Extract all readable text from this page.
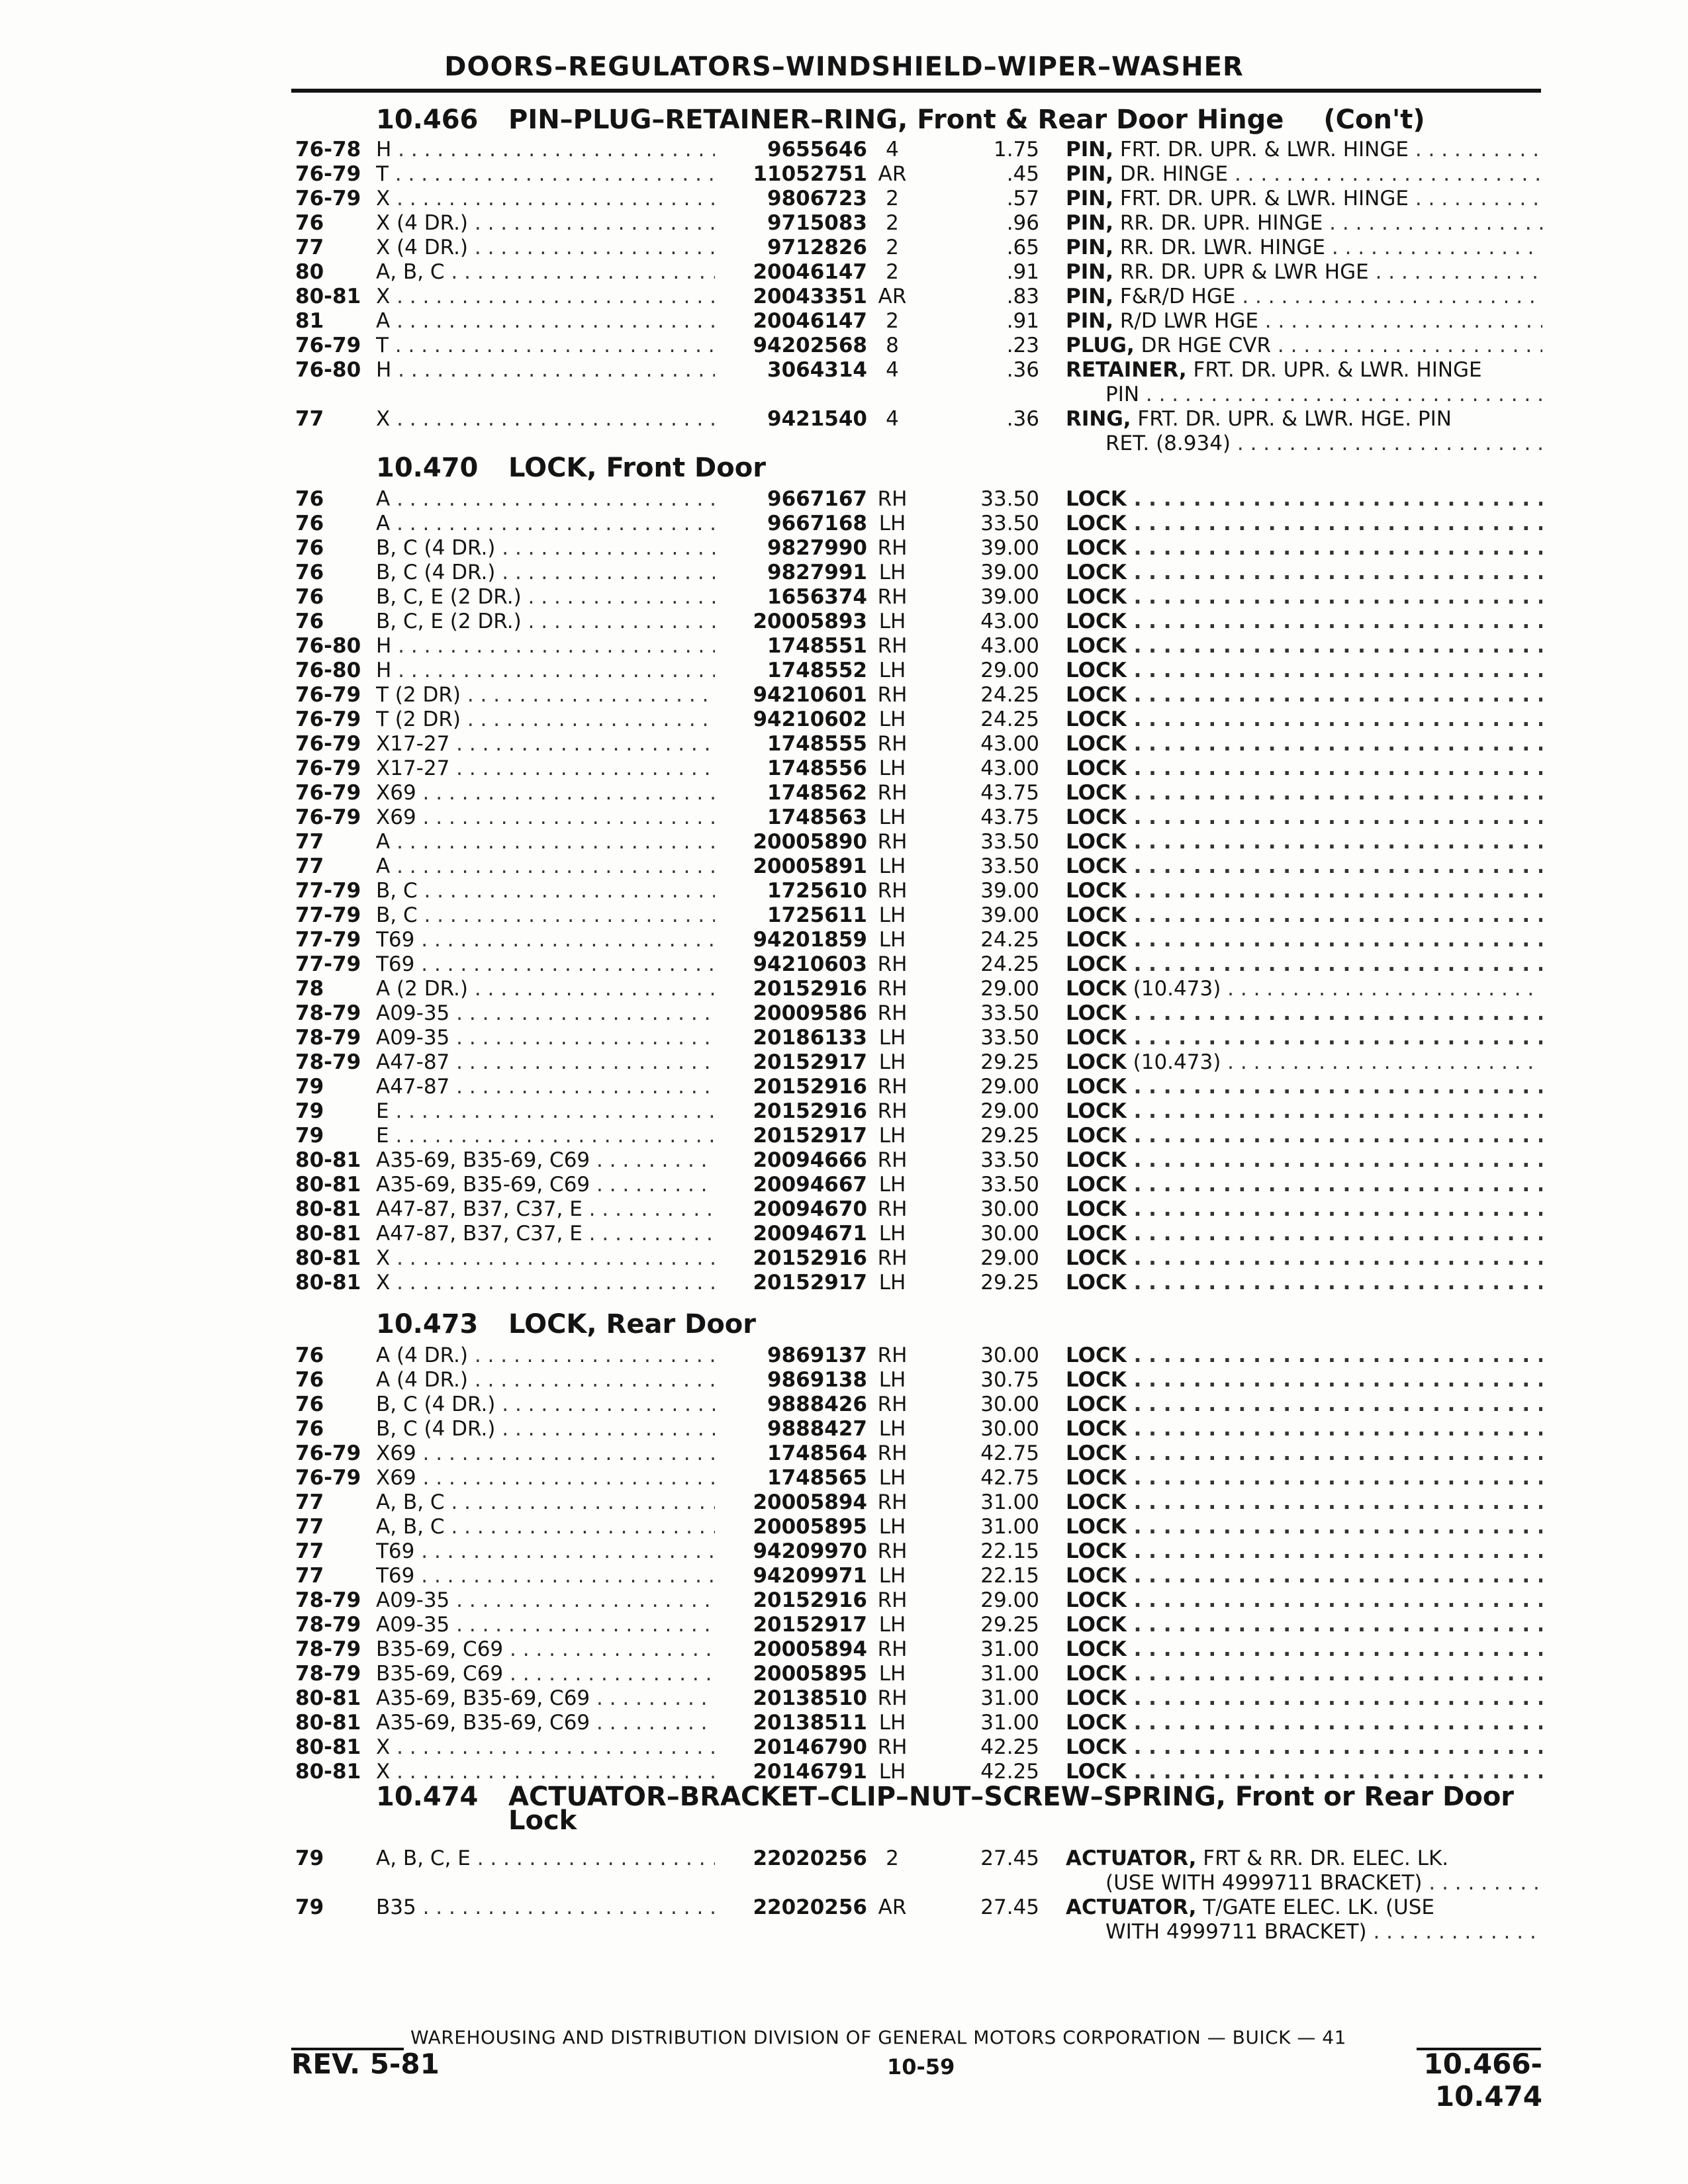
DOORS–REGULATORS–WINDSHIELD–WIPER–WASHER
10.466 PIN–PLUG–RETAINER–RING, Front & Rear Door Hinge (Con't)
76-78 H . . .	9655646 4	1.75 PIN, FRT. DR. UPR. & LWR. HINGE . . .
76-79 T . . .	11052751 AR	.45 PIN, DR. HINGE . . .
76-79 X . . .	9806723 2	.57 PIN, FRT. DR. UPR. & LWR. HINGE . . .
76	X (4 DR.) . . .	9715083 2	.96 PIN, RR. DR. UPR. HINGE . . .
77	X (4 DR.) . . .	9712826 2	.65 PIN, RR. DR. LWR. HINGE . . .
80	A, B, C . . .	20046147 2	.91 PIN, RR. DR. UPR & LWR HGE . . .
80-81 X . . .	20043351 AR	.83 PIN, F&R/D HGE . . .
81	A . . .	20046147 2	.91 PIN, R/D LWR HGE . . .
76-79 T . . .	94202568 8	.23 PLUG, DR HGE CVR . . .
76-80 H . . .	3064314 4	.36 RETAINER, FRT. DR. UPR. & LWR. HINGE
PIN . . .
77	X . . .	9421540 4	.36 RING, FRT. DR. UPR. & LWR. HGE. PIN
RET. (8.934) . . .
10.470 LOCK, Front Door
76	A . . .	9667167 RH	33.50 LOCK . . .
76	A . . .	9667168 LH	33.50 LOCK . . .
76	B, C (4 DR.) . . .	9827990 RH	39.00 LOCK . . .
76	B, C (4 DR.) . . .	9827991 LH	39.00 LOCK . . .
76	B, C, E (2 DR.) . . .	1656374 RH	39.00 LOCK . . .
76	B, C, E (2 DR.) . . .	20005893 LH	43.00 LOCK . . .
76-80 H . . .	1748551 RH	43.00 LOCK . . .
76-80 H . . .	1748552 LH	29.00 LOCK . . .
76-79 T (2 DR) . . .	94210601 RH	24.25 LOCK . . .
76-79 T (2 DR) . . .	94210602 LH	24.25 LOCK . . .
76-79 X17-27 . . .	1748555 RH	43.00 LOCK . . .
76-79 X17-27 . . .	1748556 LH	43.00 LOCK . . .
76-79 X69 . . .	1748562 RH	43.75 LOCK . . .
76-79 X69 . . .	1748563 LH	43.75 LOCK . . .
77	A . . .	20005890 RH	33.50 LOCK . . .
77	A . . .	20005891 LH	33.50 LOCK . . .
77-79 B, C . . .	1725610 RH	39.00 LOCK . . .
77-79 B, C . . .	1725611 LH	39.00 LOCK . . .
77-79 T69 . . .	94201859 LH	24.25 LOCK . . .
77-79 T69 . . .	94210603 RH	24.25 LOCK . . .
78	A (2 DR.) . . .	20152916 RH	29.00 LOCK (10.473) . . .
78-79 A09-35 . . .	20009586 RH	33.50 LOCK . . .
78-79 A09-35 . . .	20186133 LH	33.50 LOCK . . .
78-79 A47-87 . . .	20152917 LH	29.25 LOCK (10.473) . . .
79	A47-87 . . .	20152916 RH	29.00 LOCK . . .
79	E . . .	20152916 RH	29.00 LOCK . . .
79	E . . .	20152917 LH	29.25 LOCK . . .
80-81 A35-69, B35-69, C69 . . .	20094666 RH	33.50 LOCK . . .
80-81 A35-69, B35-69, C69 . . .	20094667 LH	33.50 LOCK . . .
80-81 A47-87, B37, C37, E . . .	20094670 RH	30.00 LOCK . . .
80-81 A47-87, B37, C37, E . . .	20094671 LH	30.00 LOCK . . .
80-81 X . . .	20152916 RH	29.00 LOCK . . .
80-81 X . . .	20152917 LH	29.25 LOCK . . .
10.473 LOCK, Rear Door
76	A (4 DR.) . . .	9869137 RH	30.00 LOCK . . .
76	A (4 DR.) . . .	9869138 LH	30.75 LOCK . . .
76	B, C (4 DR.) . . .	9888426 RH	30.00 LOCK . . .
76	B, C (4 DR.) . . .	9888427 LH	30.00 LOCK . . .
76-79 X69 . . .	1748564 RH	42.75 LOCK . . .
76-79 X69 . . .	1748565 LH	42.75 LOCK . . .
77	A, B, C . . .	20005894 RH	31.00 LOCK . . .
77	A, B, C . . .	20005895 LH	31.00 LOCK . . .
77	T69 . . .	94209970 RH	22.15 LOCK . . .
77	T69 . . .	94209971 LH	22.15 LOCK . . .
78-79 A09-35 . . .	20152916 RH	29.00 LOCK . . .
78-79 A09-35 . . .	20152917 LH	29.25 LOCK . . .
78-79 B35-69, C69 . . .	20005894 RH	31.00 LOCK . . .
78-79 B35-69, C69 . . .	20005895 LH	31.00 LOCK . . .
80-81 A35-69, B35-69, C69 . . .	20138510 RH	31.00 LOCK . . .
80-81 A35-69, B35-69, C69 . . .	20138511 LH	31.00 LOCK . . .
80-81 X . . .	20146790 RH	42.25 LOCK . . .
80-81 X . . .	20146791 LH	42.25 LOCK . . .
10.474 ACTUATOR–BRACKET–CLIP–NUT–SCREW–SPRING, Front or Rear Door
Lock
79	A, B, C, E . . .	22020256 2	27.45 ACTUATOR, FRT & RR. DR. ELEC. LK.
(USE WITH 4999711 BRACKET) . . .
79	B35 . . .	22020256 AR	27.45 ACTUATOR, T/GATE ELEC. LK. (USE
WITH 4999711 BRACKET) . . .
WAREHOUSING AND DISTRIBUTION DIVISION OF GENERAL MOTORS CORPORATION — BUICK — 41
REV. 5-81	10-59	10.466-10.474
